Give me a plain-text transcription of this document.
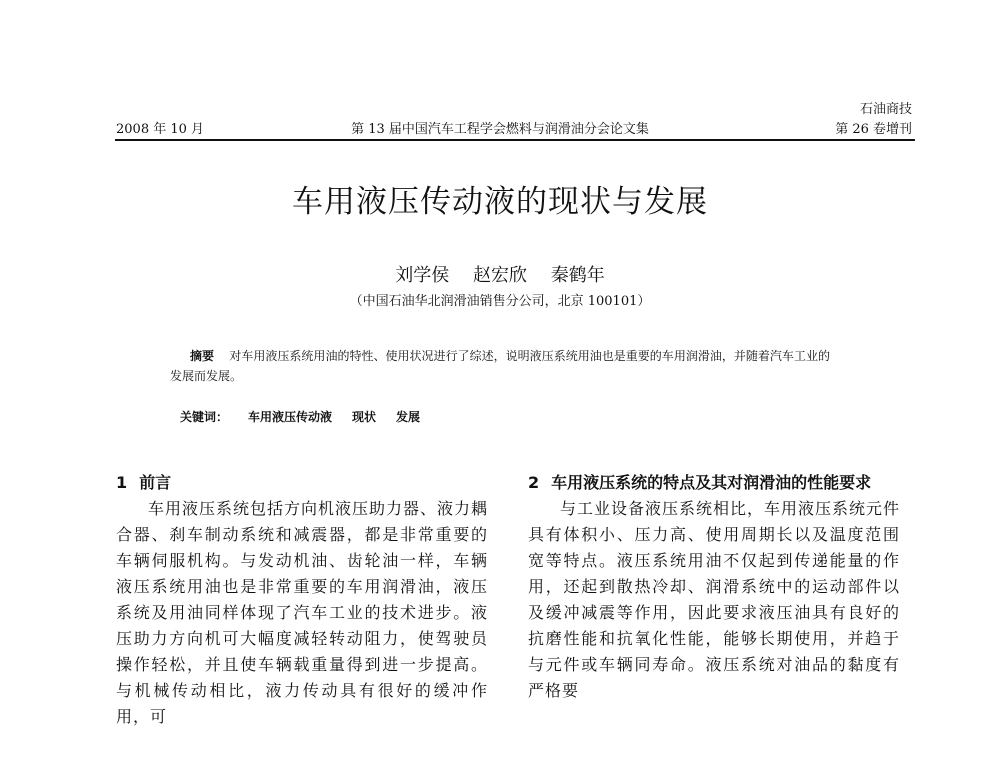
石油商技
2008 年 10 月	第 13 届中国汽车工程学会燃料与润滑油分会论文集	第 26 卷增刊
车用液压传动液的现状与发展
刘学侯 赵宏欣 秦鹤年
（中国石油华北润滑油销售分公司，北京 100101）
摘要 对车用液压系统用油的特性、使用状况进行了综述，说明液压系统用油也是重要的车用润滑油，并随着汽车工业的发展而发展。
关键词： 车用液压传动液 现状 发展
1 前言
车用液压系统包括方向机液压助力器、液力耦合器、刹车制动系统和减震器，都是非常重要的车辆伺服机构。与发动机油、齿轮油一样，车辆液压系统用油也是非常重要的车用润滑油，液压系统及用油同样体现了汽车工业的技术进步。液压助力方向机可大幅度减轻转动阻力，使驾驶员操作轻松，并且使车辆载重量得到进一步提高。与机械传动相比，液力传动具有很好的缓冲作用，可
2 车用液压系统的特点及其对润滑油的性能要求
与工业设备液压系统相比，车用液压系统元件具有体积小、压力高、使用周期长以及温度范围宽等特点。液压系统用油不仅起到传递能量的作用，还起到散热冷却、润滑系统中的运动部件以及缓冲减震等作用，因此要求液压油具有良好的抗磨性能和抗氧化性能，能够长期使用，并趋于与元件或车辆同寿命。液压系统对油品的黏度有严格要
